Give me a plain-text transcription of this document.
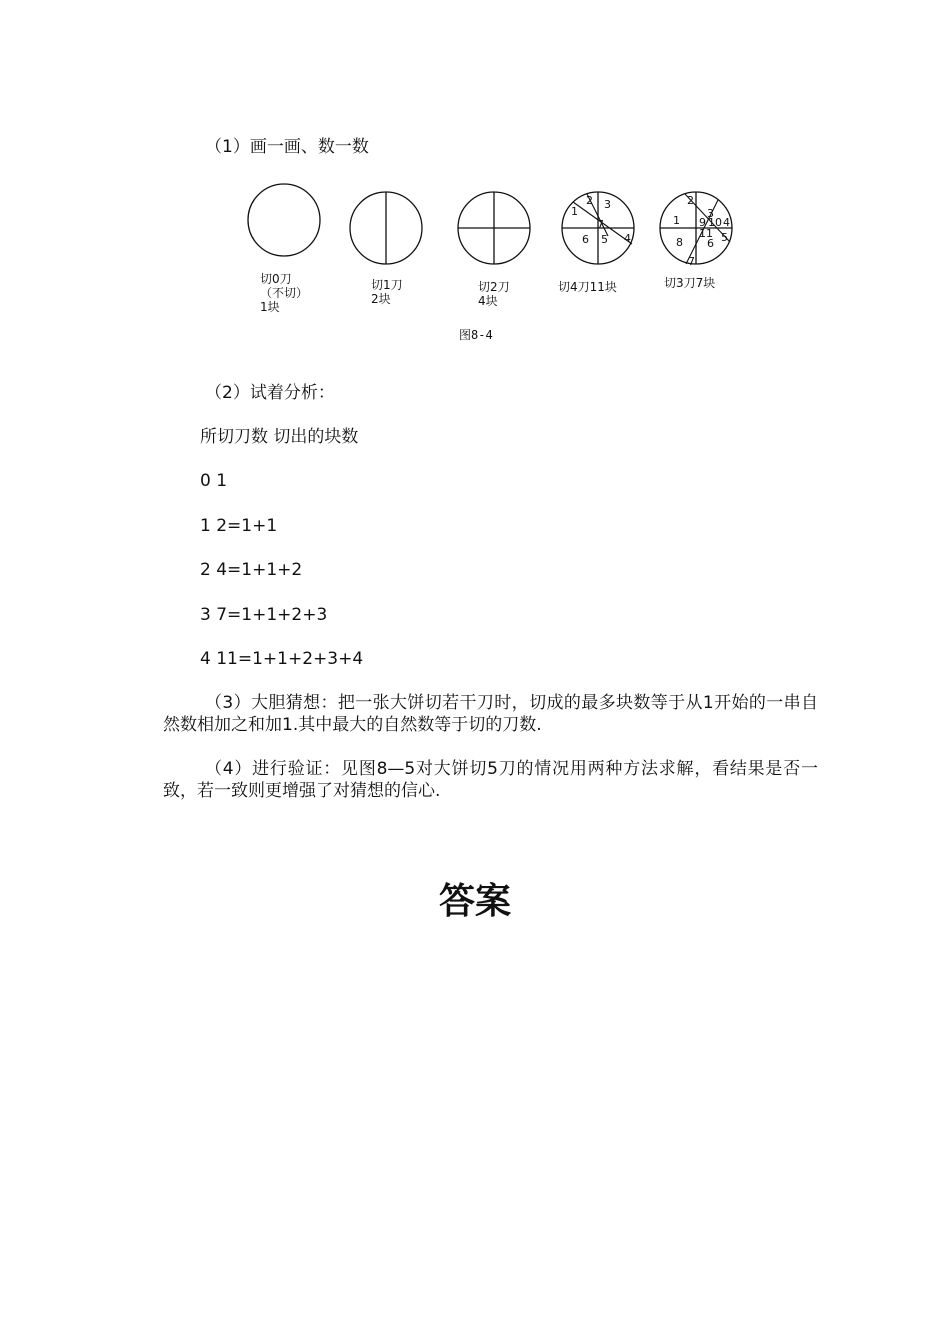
（1）画一画、数一数
1
2 3
6 5 4
7	1
2
3
9 10 4
5
8 6
7
11
切0刀
（不切）
1块
切1刀
2块
切2刀
4块
切4刀11块	切3刀7块
图8-4
（2）试着分析：
所切刀数 切出的块数
0 1
1 2=1+1
2 4=1+1+2
3 7=1+1+2+3
4 11=1+1+2+3+4
（3）大胆猜想：把一张大饼切若干刀时，切成的最多块数等于从1开始的一串自然数相加之和加1.其中最大的自然数等于切的刀数.
（4）进行验证：见图8—5对大饼切5刀的情况用两种方法求解，看结果是否一致，若一致则更增强了对猜想的信心.
答案
